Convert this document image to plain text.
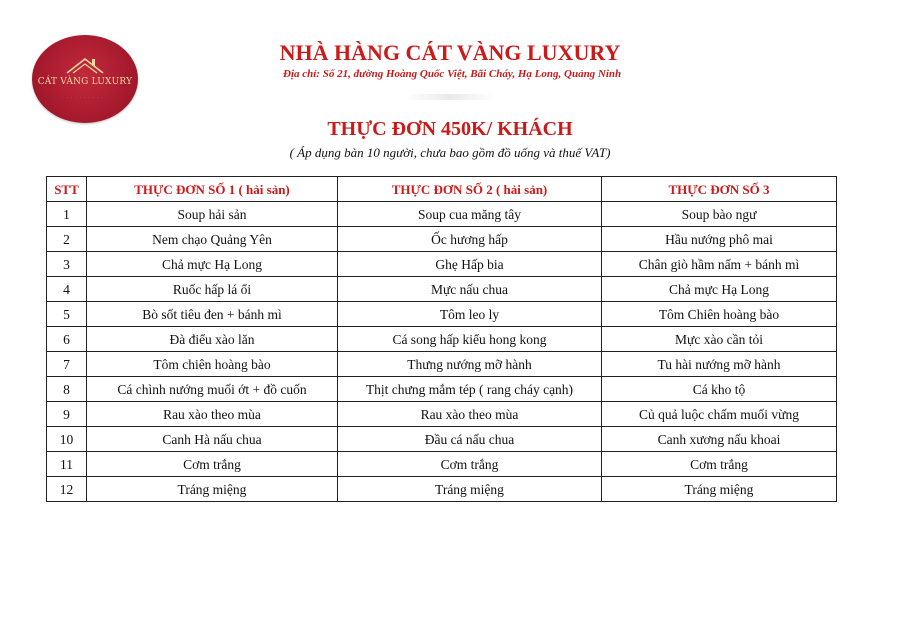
CÁT VÀNG LUXURY
· · · · · · · · ·
NHÀ HÀNG CÁT VÀNG LUXURY
Địa chỉ: Số 21, đường Hoàng Quốc Việt, Bãi Cháy, Hạ Long, Quảng Ninh
THỰC ĐƠN 450K/ KHÁCH
( Áp dụng bàn 10 người, chưa bao gồm đồ uống và thuế VAT)
STT	THỰC ĐƠN SỐ 1 ( hải sản)	THỰC ĐƠN SỐ 2 ( hải sản)	THỰC ĐƠN SỐ 3
1	Soup hải sản	Soup cua măng tây	Soup bào ngư
2	Nem chạo Quảng Yên	Ốc hương hấp	Hầu nướng phô mai
3	Chả mực Hạ Long	Ghẹ Hấp bia	Chân giò hầm nấm + bánh mì
4	Ruốc hấp lá ổi	Mực nấu chua	Chả mực Hạ Long
5	Bò sốt tiêu đen + bánh mì	Tôm leo ly	Tôm Chiên hoàng bào
6	Đà điểu xào lăn	Cá song hấp kiểu hong kong	Mực xào cần tỏi
7	Tôm chiên hoàng bào	Thưng nướng mỡ hành	Tu hài nướng mỡ hành
8	Cá chình nướng muối ớt + đồ cuốn	Thịt chưng mắm tép ( rang cháy cạnh)	Cá kho tộ
9	Rau xào theo mùa	Rau xào theo mùa	Củ quả luộc chấm muối vừng
10	Canh Hà nấu chua	Đầu cá nấu chua	Canh xương nấu khoai
11	Cơm trắng	Cơm trắng	Cơm trắng
12	Tráng miệng	Tráng miệng	Tráng miệng
